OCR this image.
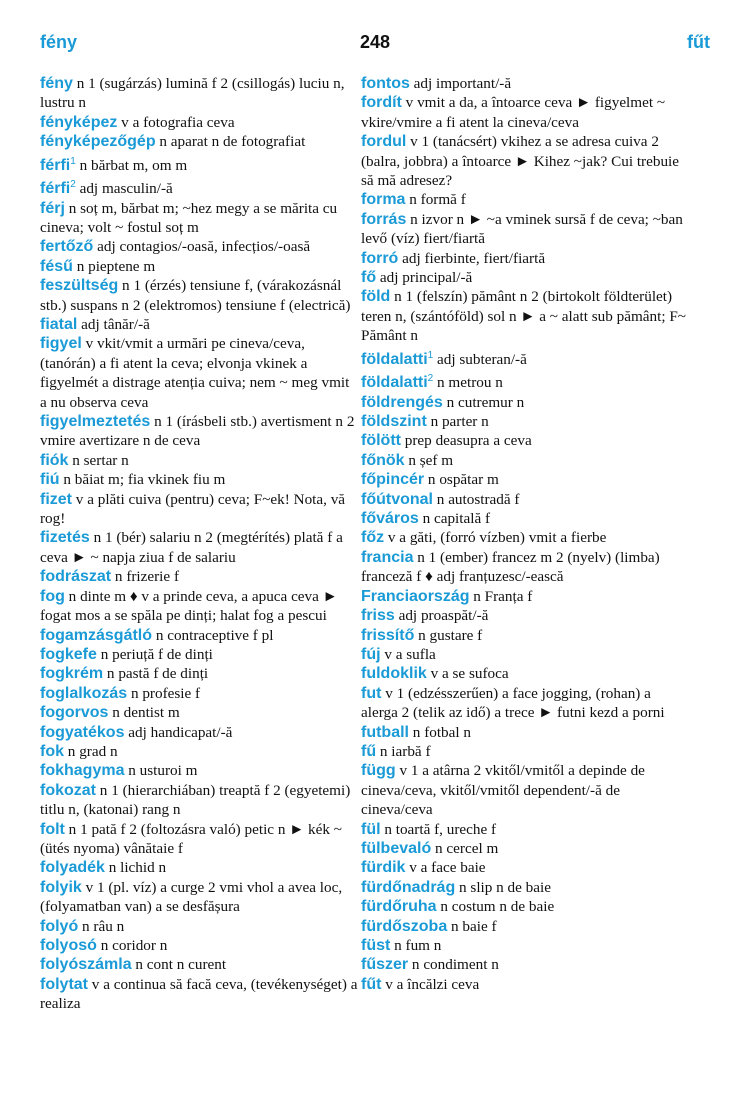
fény	248	fűt
fény n 1 (sugárzás) lumină f 2 (csillogás) luciu n, lustru n
fényképez v a fotografia ceva
fényképezőgép n aparat n de fotografiat
férfi$^1$ n bărbat m, om m
férfi$^2$ adj masculin/-ă
férj n soț m, bărbat m; ~hez megy a se mărita cu cineva; volt ~ fostul soț m
fertőző adj contagios/-oasă, infecțios/-oasă
fésű n pieptene m
feszültség n 1 (érzés) tensiune f, (várakozásnál stb.) suspans n 2 (elektromos) tensiune f (electrică)
fiatal adj tânăr/-ă
figyel v vkit/vmit a urmări pe cineva/ceva, (tanórán) a fi atent la ceva; elvonja vkinek a figyelmét a distrage atenția cuiva; nem ~ meg vmit a nu observa ceva
figyelmeztetés n 1 (írásbeli stb.) avertisment n 2 vmire avertizare n de ceva
fiók n sertar n
fiú n băiat m; fia vkinek fiu m
fizet v a plăti cuiva (pentru) ceva; F~ek! Nota, vă rog!
fizetés n 1 (bér) salariu n 2 (megtérítés) plată f a ceva ► ~ napja ziua f de salariu
fodrászat n frizerie f
fog n dinte m ♦ v a prinde ceva, a apuca ceva ► fogat mos a se spăla pe dinți; halat fog a pescui
fogamzásgátló n contraceptive f pl
fogkefe n periuță f de dinți
fogkrém n pastă f de dinți
foglalkozás n profesie f
fogorvos n dentist m
fogyatékos adj handicapat/-ă
fok n grad n
fokhagyma n usturoi m
fokozat n 1 (hierarchiában) treaptă f 2 (egyetemi) titlu n, (katonai) rang n
folt n 1 pată f 2 (foltozásra való) petic n ► kék ~ (ütés nyoma) vânătaie f
folyadék n lichid n
folyik v 1 (pl. víz) a curge 2 vmi vhol a avea loc, (folyamatban van) a se desfășura
folyó n râu n
folyosó n coridor n
folyószámla n cont n curent
folytat v a continua să facă ceva, (tevékenységet) a realiza
fontos adj important/-ă
fordít v vmit a da, a întoarce ceva ► figyelmet ~ vkire/vmire a fi atent la cineva/ceva
fordul v 1 (tanácsért) vkihez a se adresa cuiva 2 (balra, jobbra) a întoarce ► Kihez ~jak? Cui trebuie să mă adresez?
forma n formă f
forrás n izvor n ► ~a vminek sursă f de ceva; ~ban levő (víz) fiert/fiartă
forró adj fierbinte, fiert/fiartă
fő adj principal/-ă
föld n 1 (felszín) pământ n 2 (birtokolt földterület) teren n, (szántóföld) sol n ► a ~ alatt sub pământ; F~ Pământ n
földalatti$^1$ adj subteran/-ă
földalatti$^2$ n metrou n
földrengés n cutremur n
földszint n parter n
fölött prep deasupra a ceva
főnök n șef m
főpincér n ospătar m
főútvonal n autostradă f
főváros n capitală f
főz v a găti, (forró vízben) vmit a fierbe
francia n 1 (ember) francez m 2 (nyelv) (limba) franceză f ♦ adj franțuzesc/-ească
Franciaország n Franța f
friss adj proaspăt/-ă
frissítő n gustare f
fúj v a sufla
fuldoklik v a se sufoca
fut v 1 (edzésszerűen) a face jogging, (rohan) a alerga 2 (telik az idő) a trece ► futni kezd a porni
futball n fotbal n
fű n iarbă f
függ v 1 a atârna 2 vkitől/vmitől a depinde de cineva/ceva, vkitől/vmitől dependent/-ă de cineva/ceva
fül n toartă f, ureche f
fülbevaló n cercel m
fürdik v a face baie
fürdőnadrág n slip n de baie
fürdőruha n costum n de baie
fürdőszoba n baie f
füst n fum n
fűszer n condiment n
fűt v a încălzi ceva
